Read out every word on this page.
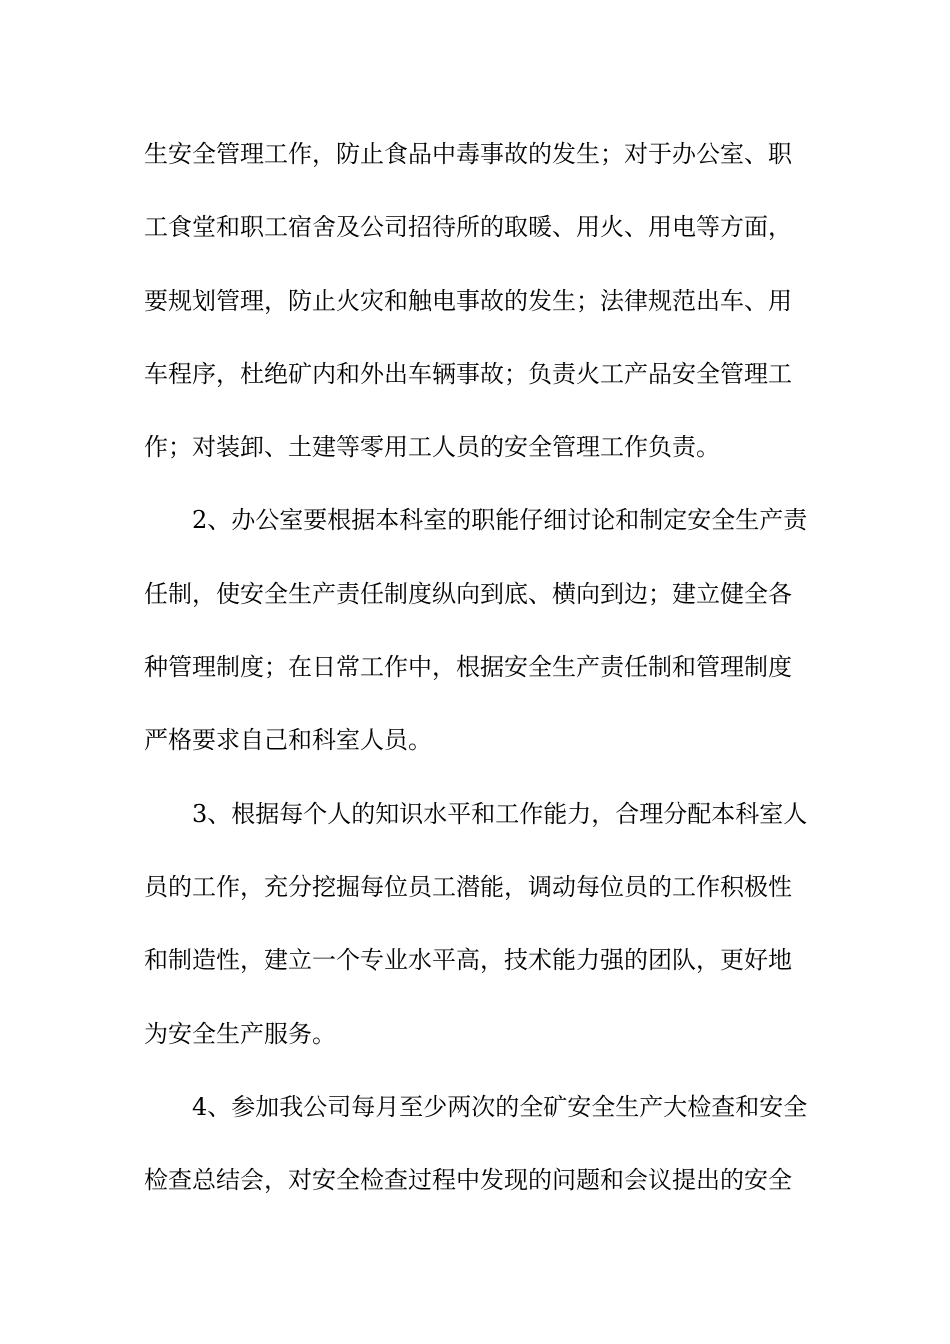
生安全管理工作，防止食品中毒事故的发生；对于办公室、职
工食堂和职工宿舍及公司招待所的取暖、用火、用电等方面，
要规划管理，防止火灾和触电事故的发生；法律规范出车、用
车程序，杜绝矿内和外出车辆事故；负责火工产品安全管理工
作；对装卸、土建等零用工人员的安全管理工作负责。
2、办公室要根据本科室的职能仔细讨论和制定安全生产责
任制，使安全生产责任制度纵向到底、横向到边；建立健全各
种管理制度；在日常工作中，根据安全生产责任制和管理制度
严格要求自己和科室人员。
3、根据每个人的知识水平和工作能力，合理分配本科室人
员的工作，充分挖掘每位员工潜能，调动每位员的工作积极性
和制造性，建立一个专业水平高，技术能力强的团队，更好地
为安全生产服务。
4、参加我公司每月至少两次的全矿安全生产大检查和安全
检查总结会，对安全检查过程中发现的问题和会议提出的安全
